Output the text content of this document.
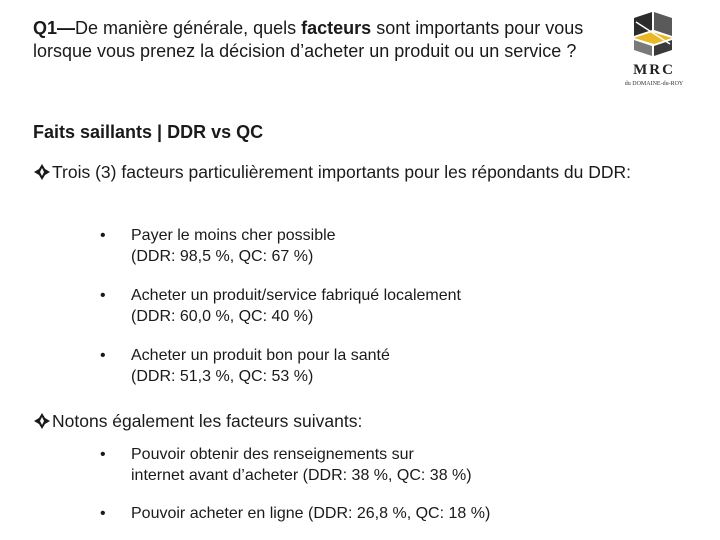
Q1—De manière générale, quels facteurs sont importants pour vous lorsque vous prenez la décision d’acheter un produit ou un service ?
MRC
du DOMAINE-du-ROY
Faits saillants | DDR vs QC
Trois (3) facteurs particulièrement importants pour les répondants du DDR:
• Payer le moins cher possible
(DDR: 98,5 %, QC: 67 %)
• Acheter un produit/service fabriqué localement
(DDR: 60,0 %, QC: 40 %)
• Acheter un produit bon pour la santé
(DDR: 51,3 %, QC: 53 %)
Notons également les facteurs suivants:
• Pouvoir obtenir des renseignements sur
internet avant d’acheter (DDR: 38 %, QC: 38 %)
• Pouvoir acheter en ligne (DDR: 26,8 %, QC: 18 %)
